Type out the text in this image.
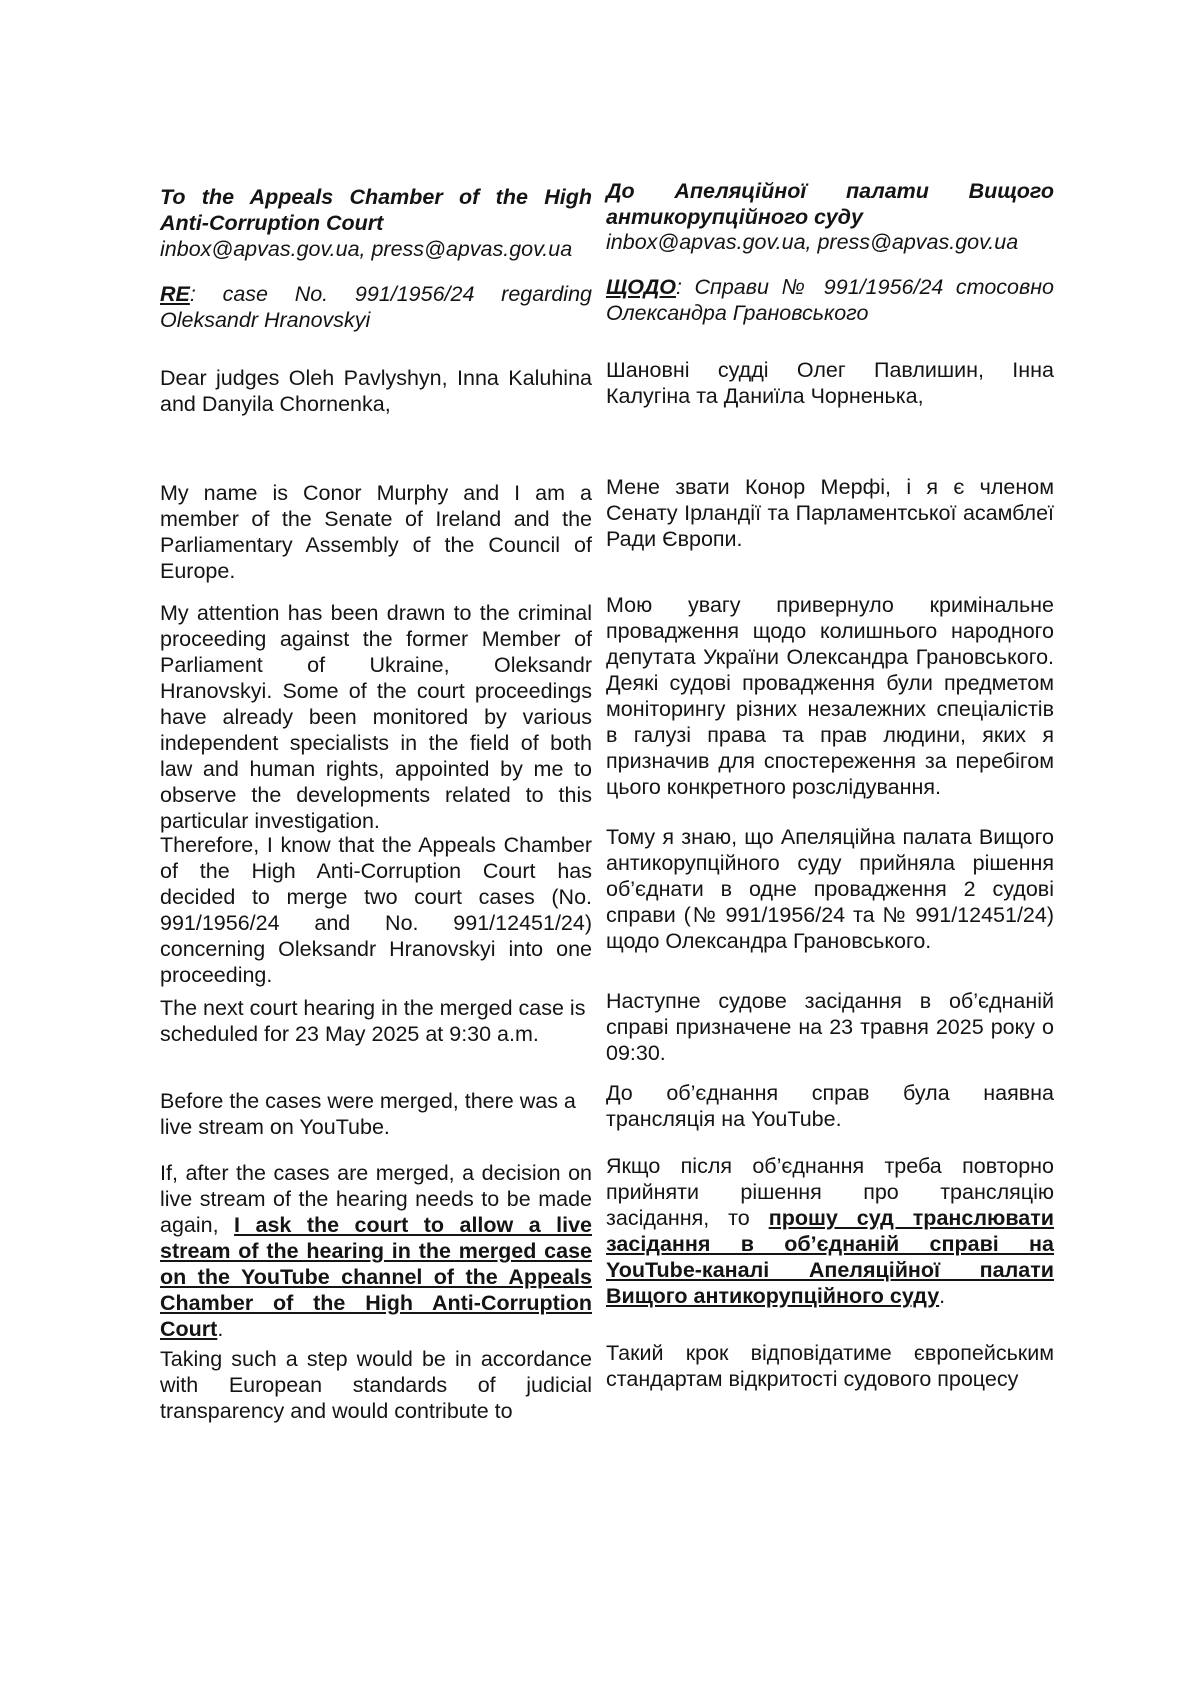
To the Appeals Chamber of the High
Anti-Corruption Court
inbox@apvas.gov.ua, press@apvas.gov.ua

RE: case No. 991/1956/24 regarding Oleksandr Hranovskyi

Dear judges Oleh Pavlyshyn, Inna Kaluhina and Danyila Chornenka,

My name is Conor Murphy and I am a member of the Senate of Ireland and the Parliamentary Assembly of the Council of Europe.

My attention has been drawn to the criminal proceeding against the former Member of Parliament of Ukraine, Oleksandr Hranovskyi. Some of the court proceedings have already been monitored by various independent specialists in the field of both law and human rights, appointed by me to observe the developments related to this particular investigation.

Therefore, I know that the Appeals Chamber of the High Anti-Corruption Court has decided to merge two court cases (No. 991/1956/24 and No. 991/12451/24) concerning Oleksandr Hranovskyi into one proceeding.

The next court hearing in the merged case is scheduled for 23 May 2025 at 9:30 a.m.

Before the cases were merged, there was a live stream on YouTube.

If, after the cases are merged, a decision on live stream of the hearing needs to be made again, I ask the court to allow a live stream of the hearing in the merged case on the YouTube channel of the Appeals Chamber of the High Anti-Corruption Court.

Taking such a step would be in accordance with European standards of judicial transparency and would contribute to

До Апеляційної палати Вищого
антикорупційного суду
inbox@apvas.gov.ua, press@apvas.gov.ua

ЩОДО: Справи № 991/1956/24 стосовно Олександра Грановського

Шановні судді Олег Павлишин, Інна Калугіна та Даниїла Чорненька,

Мене звати Конор Мерфі, і я є членом Сенату Ірландії та Парламентської асамблеї Ради Європи.

Мою увагу привернуло кримінальне провадження щодо колишнього народного депутата України Олександра Грановського. Деякі судові провадження були предметом моніторингу різних незалежних спеціалістів в галузі права та прав людини, яких я призначив для спостереження за перебігом цього конкретного розслідування.

Тому я знаю, що Апеляційна палата Вищого антикорупційного суду прийняла рішення об’єднати в одне провадження 2 судові справи (№ 991/1956/24 та № 991/12451/24) щодо Олександра Грановського.

Наступне судове засідання в об’єднаній справі призначене на 23 травня 2025 року о 09:30.

До об’єднання справ була наявна трансляція на YouTube.

Якщо після об’єднання треба повторно прийняти рішення про трансляцію засідання, то прошу суд транслювати засідання в об’єднаній справі на YouTube-каналі Апеляційної палати Вищого антикорупційного суду.

Такий крок відповідатиме європейським стандартам відкритості судового процесу
